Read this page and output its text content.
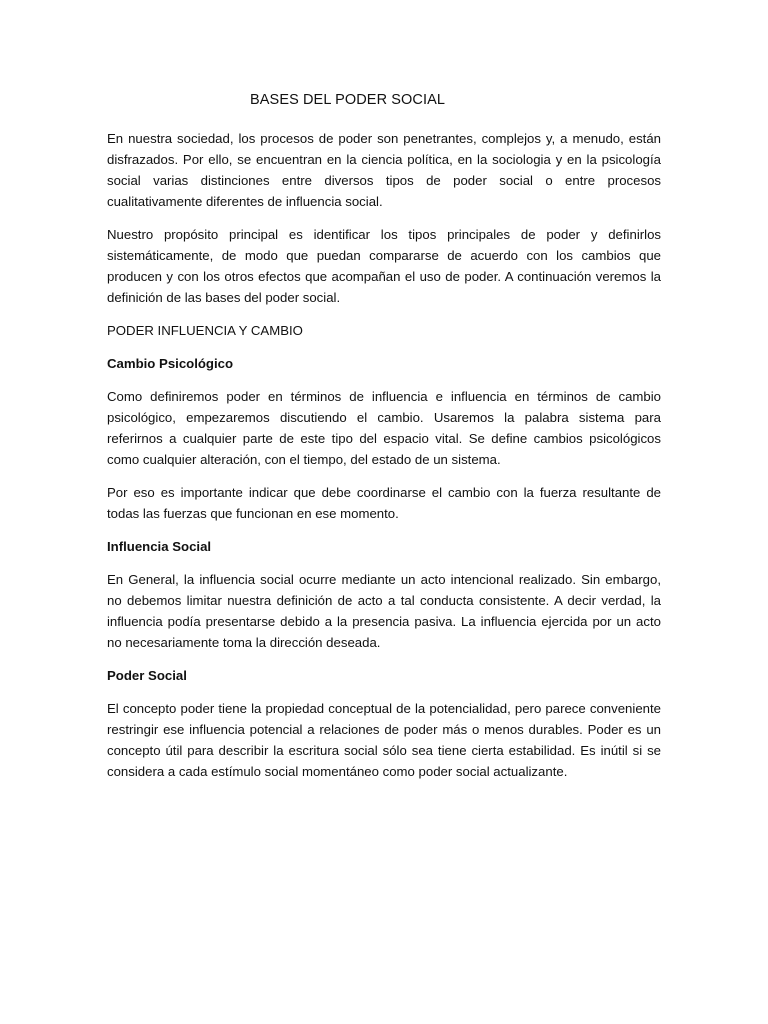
BASES DEL PODER SOCIAL

En nuestra sociedad, los procesos de poder son penetrantes, complejos y, a menudo, están disfrazados. Por ello, se encuentran en la ciencia política, en la sociologia y en la psicología social varias distinciones entre diversos tipos de poder social o entre procesos cualitativamente diferentes de influencia social.

Nuestro propósito principal es identificar los tipos principales de poder y definirlos sistemáticamente, de modo que puedan compararse de acuerdo con los cambios que producen y con los otros efectos que acompañan el uso de poder. A continuación veremos la definición de las bases del poder social.

PODER INFLUENCIA Y CAMBIO
Cambio Psicológico

Como definiremos poder en términos de influencia e influencia en términos de cambio psicológico, empezaremos discutiendo el cambio. Usaremos la palabra sistema para referirnos a cualquier parte de este tipo del espacio vital. Se define cambios psicológicos como cualquier alteración, con el tiempo, del estado de un sistema.

Por eso es importante indicar que debe coordinarse el cambio con la fuerza resultante de todas las fuerzas que funcionan en ese momento.

Influencia Social

En General, la influencia social ocurre mediante un acto intencional realizado. Sin embargo, no debemos limitar nuestra definición de acto a tal conducta consistente. A decir verdad, la influencia podía presentarse debido a la presencia pasiva. La influencia ejercida por un acto no necesariamente toma la dirección deseada.

Poder Social

El concepto poder tiene la propiedad conceptual de la potencialidad, pero parece conveniente restringir ese influencia potencial a relaciones de poder más o menos durables. Poder es un concepto útil para describir la escritura social sólo sea tiene cierta estabilidad. Es inútil si se considera a cada estímulo social momentáneo como poder social actualizante.
